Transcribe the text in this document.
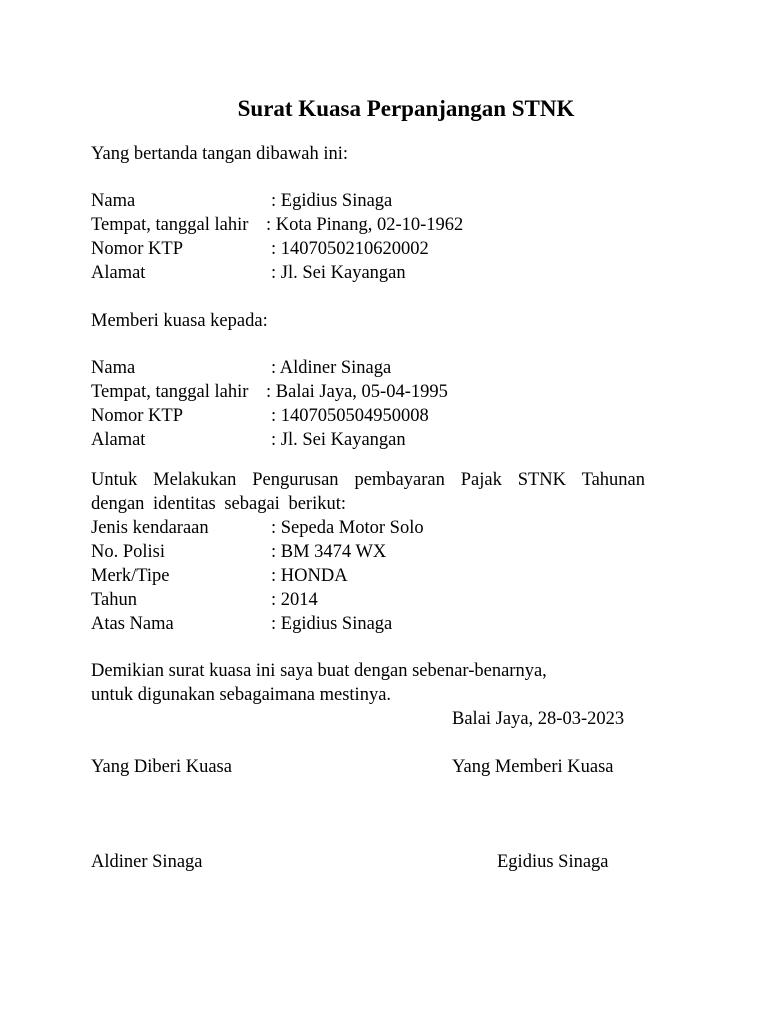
Surat Kuasa Perpanjangan STNK
Yang bertanda tangan dibawah ini:
Nama	: Egidius Sinaga
Tempat, tanggal lahir : Kota Pinang, 02-10-1962
Nomor KTP	: 1407050210620002
Alamat	: Jl. Sei Kayangan
Memberi kuasa kepada:
Nama	: Aldiner Sinaga
Tempat, tanggal lahir : Balai Jaya, 05-04-1995
Nomor KTP	: 1407050504950008
Alamat	: Jl. Sei Kayangan
Untuk Melakukan Pengurusan pembayaran Pajak STNK Tahunan
dengan identitas sebagai berikut:
Jenis kendaraan	: Sepeda Motor Solo
No. Polisi	: BM 3474 WX
Merk/Tipe	: HONDA
Tahun	: 2014
Atas Nama	: Egidius Sinaga
Demikian surat kuasa ini saya buat dengan sebenar-benarnya,
untuk digunakan sebagaimana mestinya.
Balai Jaya, 28-03-2023
Yang Diberi Kuasa	Yang Memberi Kuasa
Aldiner Sinaga	Egidius Sinaga
